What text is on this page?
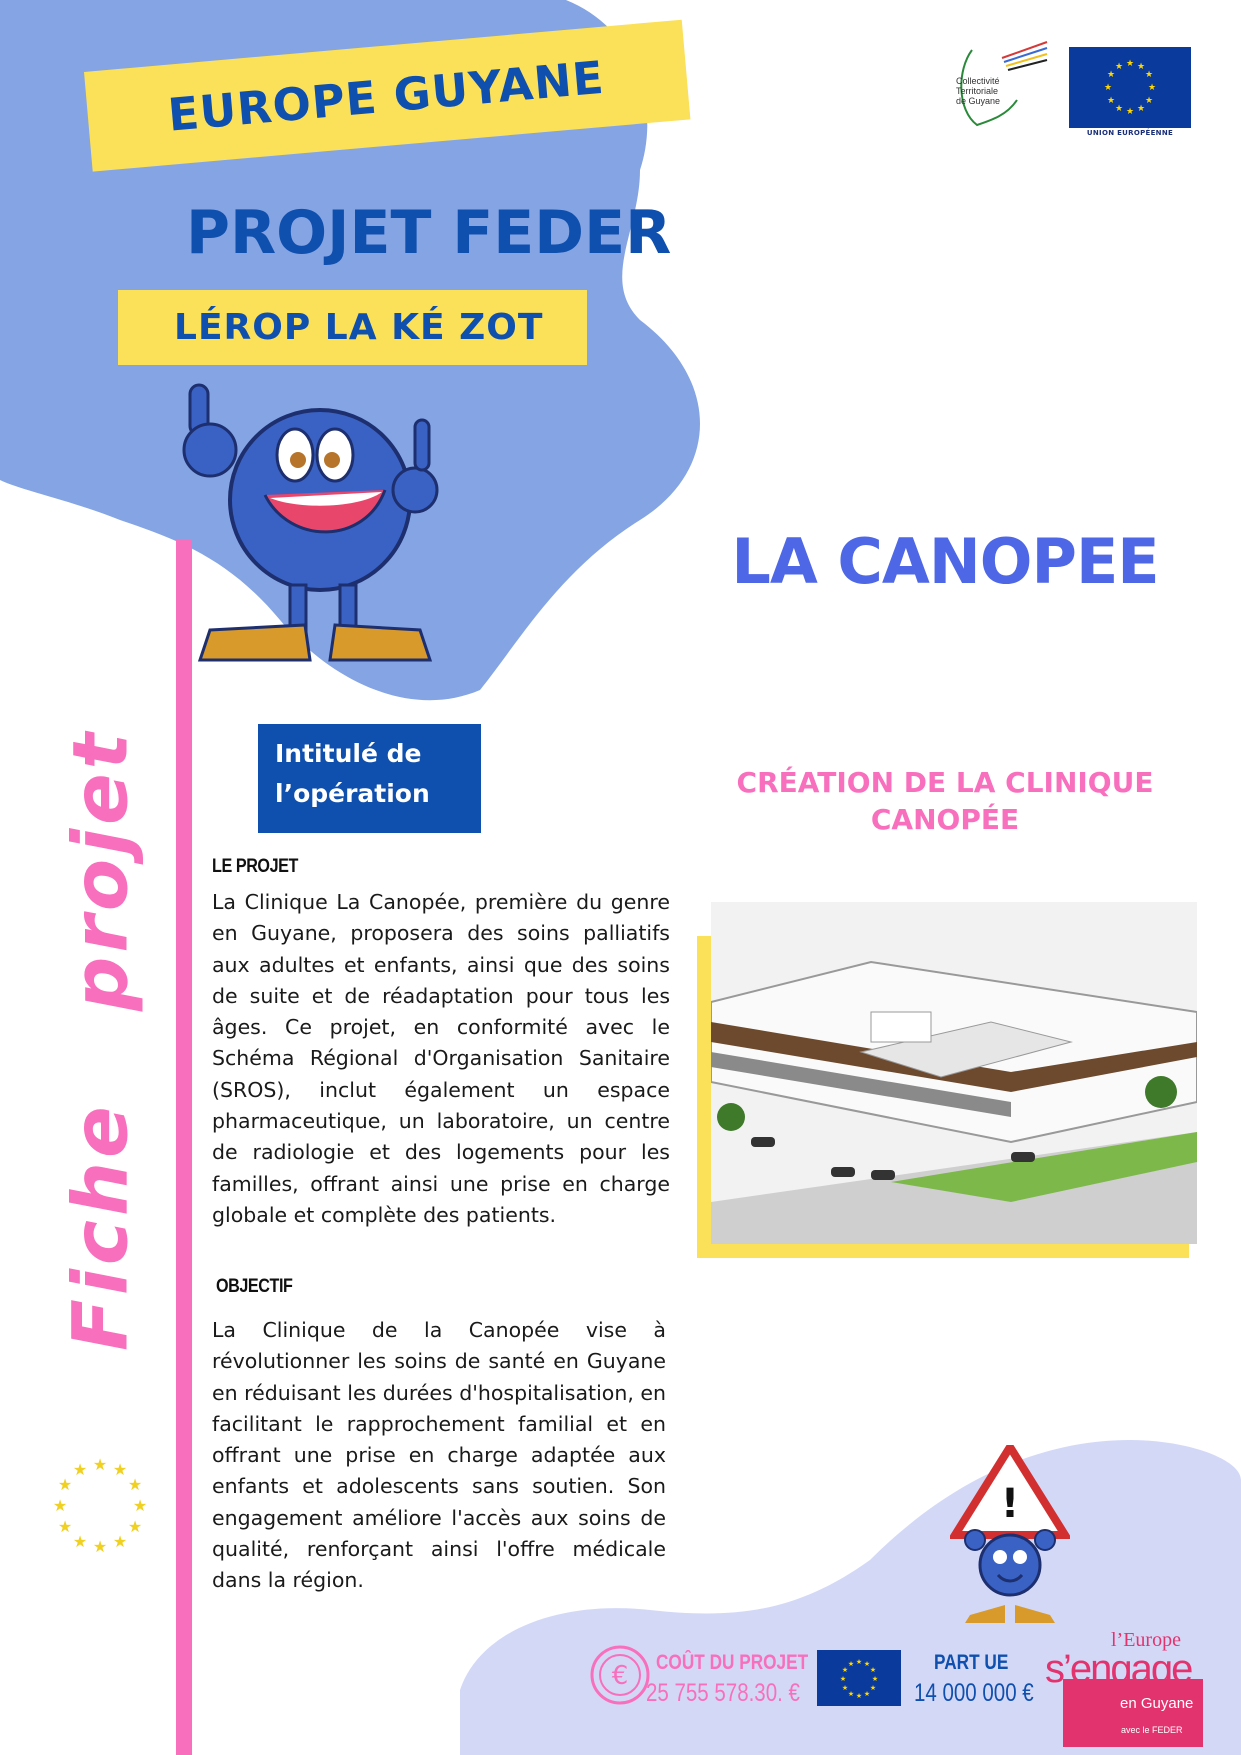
EUROPE GUYANE
PROJET FEDER
LÉROP LA KÉ ZOT
Collectivité
Territoriale
de Guyane
★ ★
★
★
★
★
★
★
★
★
★
★
UNION EUROPÉENNE
Fiche   projet
LA CANOPEE
Intitulé de l’opération	CRÉATION DE LA CLINIQUE CANOPÉE
LE PROJET
La Clinique La Canopée, première du genre en Guyane, proposera des soins palliatifs aux adultes et enfants, ainsi que des soins de suite et de réadaptation pour tous les âges. Ce projet, en conformité avec le Schéma Régional d'Organisation Sanitaire (SROS), inclut également un espace pharmaceutique, un laboratoire, un centre de radiologie et des logements pour les familles, offrant ainsi une prise en charge globale et complète des patients.
OBJECTIF
La Clinique de la Canopée vise à révolutionner les soins de santé en Guyane en réduisant les durées d'hospitalisation, en facilitant le rapprochement familial et en offrant une prise en charge adaptée aux enfants et adolescents sans soutien. Son engagement améliore l'accès aux soins de qualité, renforçant ainsi l'offre médicale dans la région.
★ ★
★
★
★
★
★
★
★
★
★
★
!
€ COÛT DU PROJET
25 755 578.30. €
★ ★
★
★
★
★
★
★
★
★
★
★	PART UE
14 000 000 €
l’Europe
s’engage
en Guyane
avec le FEDER
